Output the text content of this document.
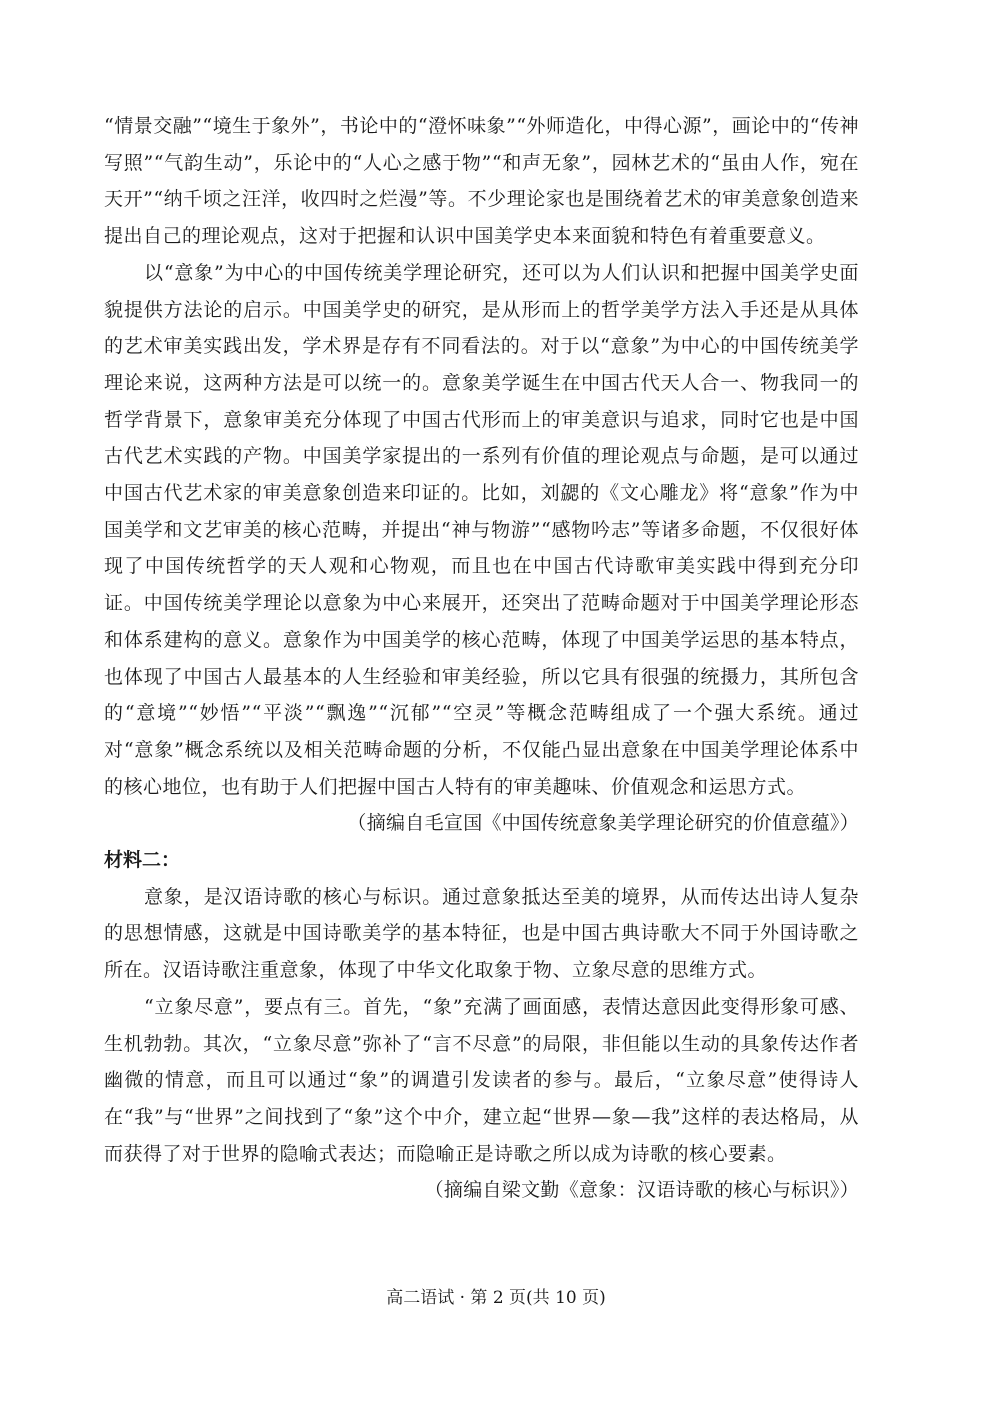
“情景交融”“境生于象外”，书论中的“澄怀味象”“外师造化，中得心源”，画论中的“传神写照”“气韵生动”，乐论中的“人心之感于物”“和声无象”，园林艺术的“虽由人作，宛在天开”“纳千顷之汪洋，收四时之烂漫”等。不少理论家也是围绕着艺术的审美意象创造来提出自己的理论观点，这对于把握和认识中国美学史本来面貌和特色有着重要意义。

以“意象”为中心的中国传统美学理论研究，还可以为人们认识和把握中国美学史面貌提供方法论的启示。中国美学史的研究，是从形而上的哲学美学方法入手还是从具体的艺术审美实践出发，学术界是存有不同看法的。对于以“意象”为中心的中国传统美学理论来说，这两种方法是可以统一的。意象美学诞生在中国古代天人合一、物我同一的哲学背景下，意象审美充分体现了中国古代形而上的审美意识与追求，同时它也是中国古代艺术实践的产物。中国美学家提出的一系列有价值的理论观点与命题，是可以通过中国古代艺术家的审美意象创造来印证的。比如，刘勰的《文心雕龙》将“意象”作为中国美学和文艺审美的核心范畴，并提出“神与物游”“感物吟志”等诸多命题，不仅很好体现了中国传统哲学的天人观和心物观，而且也在中国古代诗歌审美实践中得到充分印证。中国传统美学理论以意象为中心来展开，还突出了范畴命题对于中国美学理论形态和体系建构的意义。意象作为中国美学的核心范畴，体现了中国美学运思的基本特点，也体现了中国古人最基本的人生经验和审美经验，所以它具有很强的统摄力，其所包含的“意境”“妙悟”“平淡”“飘逸”“沉郁”“空灵”等概念范畴组成了一个强大系统。通过对“意象”概念系统以及相关范畴命题的分析，不仅能凸显出意象在中国美学理论体系中的核心地位，也有助于人们把握中国古人特有的审美趣味、价值观念和运思方式。

（摘编自毛宣国《中国传统意象美学理论研究的价值意蕴》）

材料二：

意象，是汉语诗歌的核心与标识。通过意象抵达至美的境界，从而传达出诗人复杂的思想情感，这就是中国诗歌美学的基本特征，也是中国古典诗歌大不同于外国诗歌之所在。汉语诗歌注重意象，体现了中华文化取象于物、立象尽意的思维方式。

“立象尽意”，要点有三。首先，“象”充满了画面感，表情达意因此变得形象可感、生机勃勃。其次，“立象尽意”弥补了“言不尽意”的局限，非但能以生动的具象传达作者幽微的情意，而且可以通过“象”的调遣引发读者的参与。最后，“立象尽意”使得诗人在“我”与“世界”之间找到了“象”这个中介，建立起“世界—象—我”这样的表达格局，从而获得了对于世界的隐喻式表达；而隐喻正是诗歌之所以成为诗歌的核心要素。

（摘编自梁文勤《意象：汉语诗歌的核心与标识》）

高二语试 · 第 2 页(共 10 页)
